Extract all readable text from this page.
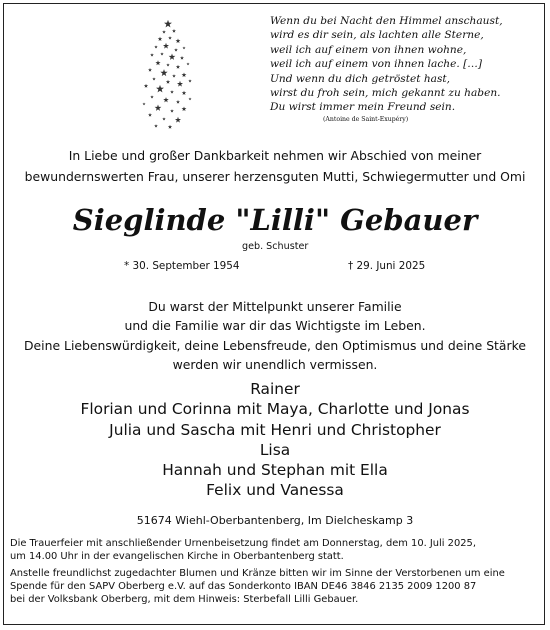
Wenn du bei Nacht den Himmel anschaust,
wird es dir sein, als lachten alle Sterne,
weil ich auf einem von ihnen wohne,
weil ich auf einem von ihnen lache. […]
Und wenn du dich getröstet hast,
wirst du froh sein, mich gekannt zu haben.
Du wirst immer mein Freund sein.
(Antoine de Saint-Exupéry)
In Liebe und großer Dankbarkeit nehmen wir Abschied von meiner
bewundernswerten Frau, unserer herzensguten Mutti, Schwiegermutter und Omi
Sieglinde "Lilli" Gebauer
geb. Schuster
* 30. September 1954	† 29. Juni 2025
Du warst der Mittelpunkt unserer Familie
und die Familie war dir das Wichtigste im Leben.
Deine Liebenswürdigkeit, deine Lebensfreude, den Optimismus und deine Stärke
werden wir unendlich vermissen.
Rainer
Florian und Corinna mit Maya, Charlotte und Jonas
Julia und Sascha mit Henri und Christopher
Lisa
Hannah und Stephan mit Ella
Felix und Vanessa
51674 Wiehl-Oberbantenberg, Im Dielcheskamp 3
Die Trauerfeier mit anschließender Urnenbeisetzung findet am Donnerstag, dem 10. Juli 2025,
um 14.00 Uhr in der evangelischen Kirche in Oberbantenberg statt.
Anstelle freundlichst zugedachter Blumen und Kränze bitten wir im Sinne der Verstorbenen um eine
Spende für den SAPV Oberberg e.V. auf das Sonderkonto IBAN DE46 3846 2135 2009 1200 87
bei der Volksbank Oberberg, mit dem Hinweis: Sterbefall Lilli Gebauer.
